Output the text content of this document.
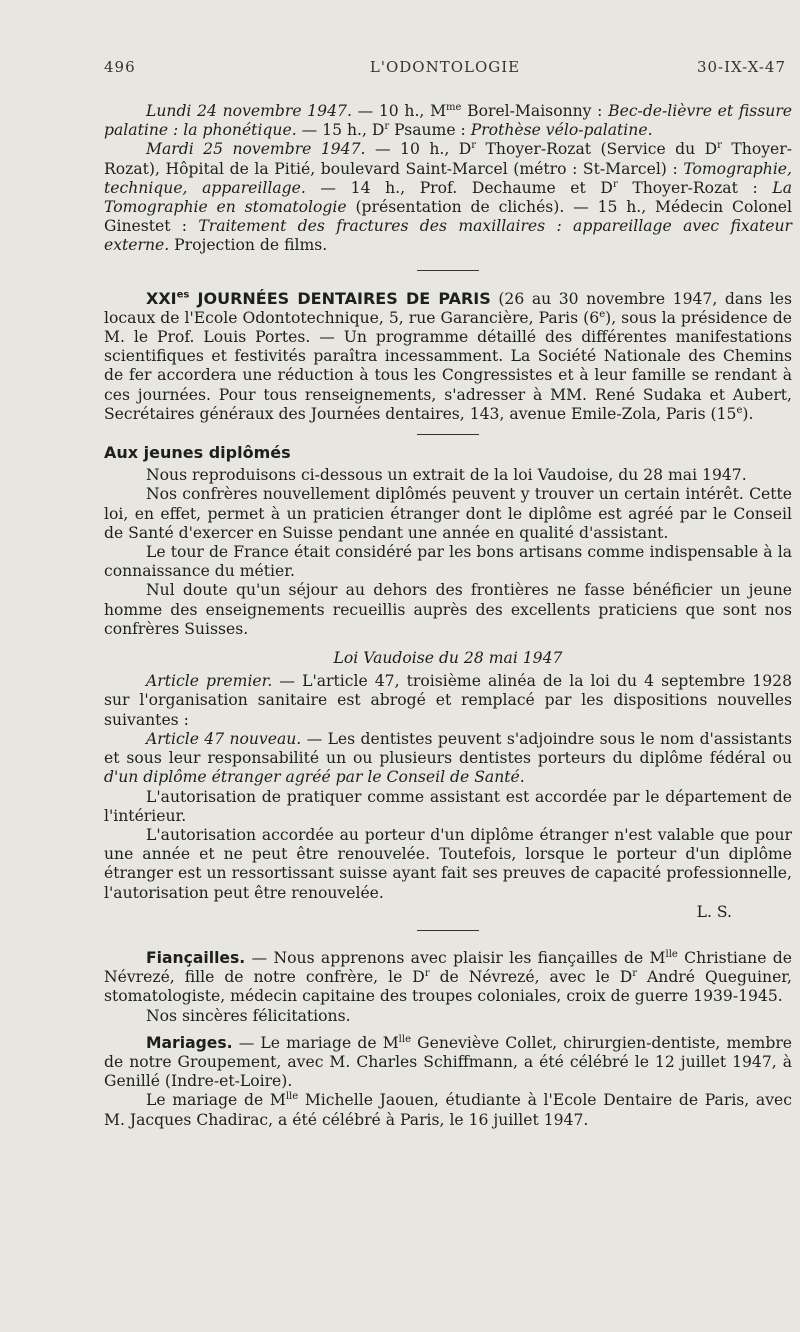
496	L'ODONTOLOGIE	30-IX-X-47

Lundi 24 novembre 1947. — 10 h., $M^{me}$ Borel-Maisonny : Bec-de-lièvre et fissure palatine : la phonétique. — 15 h., $D^r$ Psaume : Prothèse vélo-palatine.

Mardi 25 novembre 1947. — 10 h., $D^r$ Thoyer-Rozat (Service du $D^r$ Thoyer-Rozat), Hôpital de la Pitié, boulevard Saint-Marcel (métro : St-Marcel) : Tomographie, technique, appareillage. — 14 h., Prof. Dechaume et $D^r$ Thoyer-Rozat : La Tomographie en stomatologie (présentation de clichés). — 15 h., Médecin Colonel Ginestet : Traitement des fractures des maxillaires : appareillage avec fixateur externe. Projection de films.

$XXI^{es}$ JOURNÉES DENTAIRES DE PARIS (26 au 30 novembre 1947, dans les locaux de l'Ecole Odontotechnique, 5, rue Garancière, Paris (6e), sous la présidence de M. le Prof. Louis Portes. — Un programme détaillé des différentes manifestations scientifiques et festivités paraîtra incessamment. La Société Nationale des Chemins de fer accordera une réduction à tous les Congressistes et à leur famille se rendant à ces journées. Pour tous renseignements, s'adresser à MM. René Sudaka et Aubert, Secrétaires généraux des Journées dentaires, 143, avenue Emile-Zola, Paris (15e).

Aux jeunes diplômés

Nous reproduisons ci-dessous un extrait de la loi Vaudoise, du 28 mai 1947.

Nos confrères nouvellement diplômés peuvent y trouver un certain intérêt. Cette loi, en effet, permet à un praticien étranger dont le diplôme est agréé par le Conseil de Santé d'exercer en Suisse pendant une année en qualité d'assistant.

Le tour de France était considéré par les bons artisans comme indispensable à la connaissance du métier.

Nul doute qu'un séjour au dehors des frontières ne fasse bénéficier un jeune homme des enseignements recueillis auprès des excellents praticiens que sont nos confrères Suisses.

Loi Vaudoise du 28 mai 1947

Article premier. — L'article 47, troisième alinéa de la loi du 4 septembre 1928 sur l'organisation sanitaire est abrogé et remplacé par les dispositions nouvelles suivantes :

Article 47 nouveau. — Les dentistes peuvent s'adjoindre sous le nom d'assistants et sous leur responsabilité un ou plusieurs dentistes porteurs du diplôme fédéral ou d'un diplôme étranger agréé par le Conseil de Santé.

L'autorisation de pratiquer comme assistant est accordée par le département de l'intérieur.

L'autorisation accordée au porteur d'un diplôme étranger n'est valable que pour une année et ne peut être renouvelée. Toutefois, lorsque le porteur d'un diplôme étranger est un ressortissant suisse ayant fait ses preuves de capacité professionnelle, l'autorisation peut être renouvelée.

L. S.

Fiançailles. — Nous apprenons avec plaisir les fiançailles de $M^{lle}$ Christiane de Névrezé, fille de notre confrère, le $D^r$ de Névrezé, avec le $D^r$ André Queguiner, stomatologiste, médecin capitaine des troupes coloniales, croix de guerre 1939-1945.

Nos sincères félicitations.

Mariages. — Le mariage de $M^{lle}$ Geneviève Collet, chirurgien-dentiste, membre de notre Groupement, avec M. Charles Schiffmann, a été célébré le 12 juillet 1947, à Genillé (Indre-et-Loire).

Le mariage de $M^{lle}$ Michelle Jaouen, étudiante à l'Ecole Dentaire de Paris, avec M. Jacques Chadirac, a été célébré à Paris, le 16 juillet 1947.
